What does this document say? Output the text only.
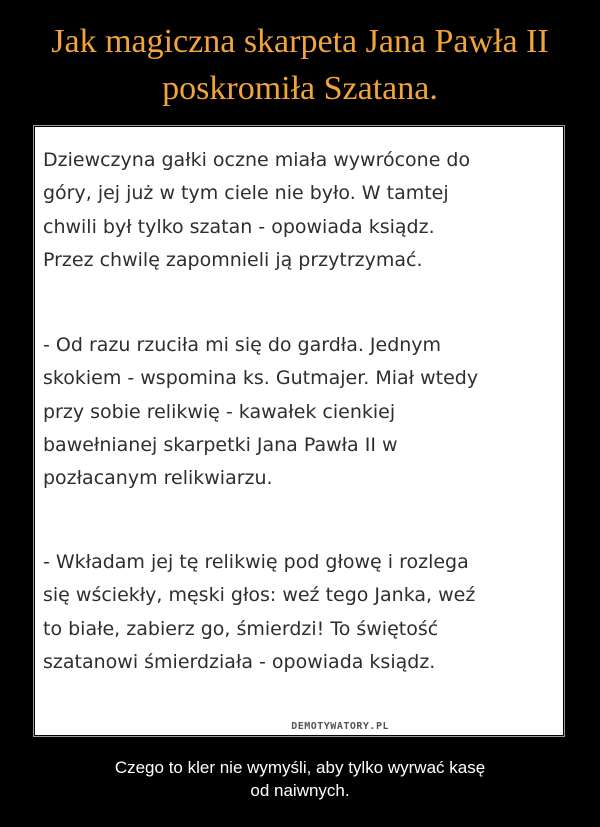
Jak magiczna skarpeta Jana Pawła II
poskromiła Szatana.
Dziewczyna gałki oczne miała wywrócone do
góry, jej już w tym ciele nie było. W tamtej
chwili był tylko szatan - opowiada ksiądz.
Przez chwilę zapomnieli ją przytrzymać.
- Od razu rzuciła mi się do gardła. Jednym
skokiem - wspomina ks. Gutmajer. Miał wtedy
przy sobie relikwię - kawałek cienkiej
bawełnianej skarpetki Jana Pawła II w
pozłacanym relikwiarzu.
- Wkładam jej tę relikwię pod głowę i rozlega
się wściekły, męski głos: weź tego Janka, weź
to białe, zabierz go, śmierdzi! To świętość
szatanowi śmierdziała - opowiada ksiądz.
DEMOTYWATORY.PL
Czego to kler nie wymyśli, aby tylko wyrwać kasę
od naiwnych.
